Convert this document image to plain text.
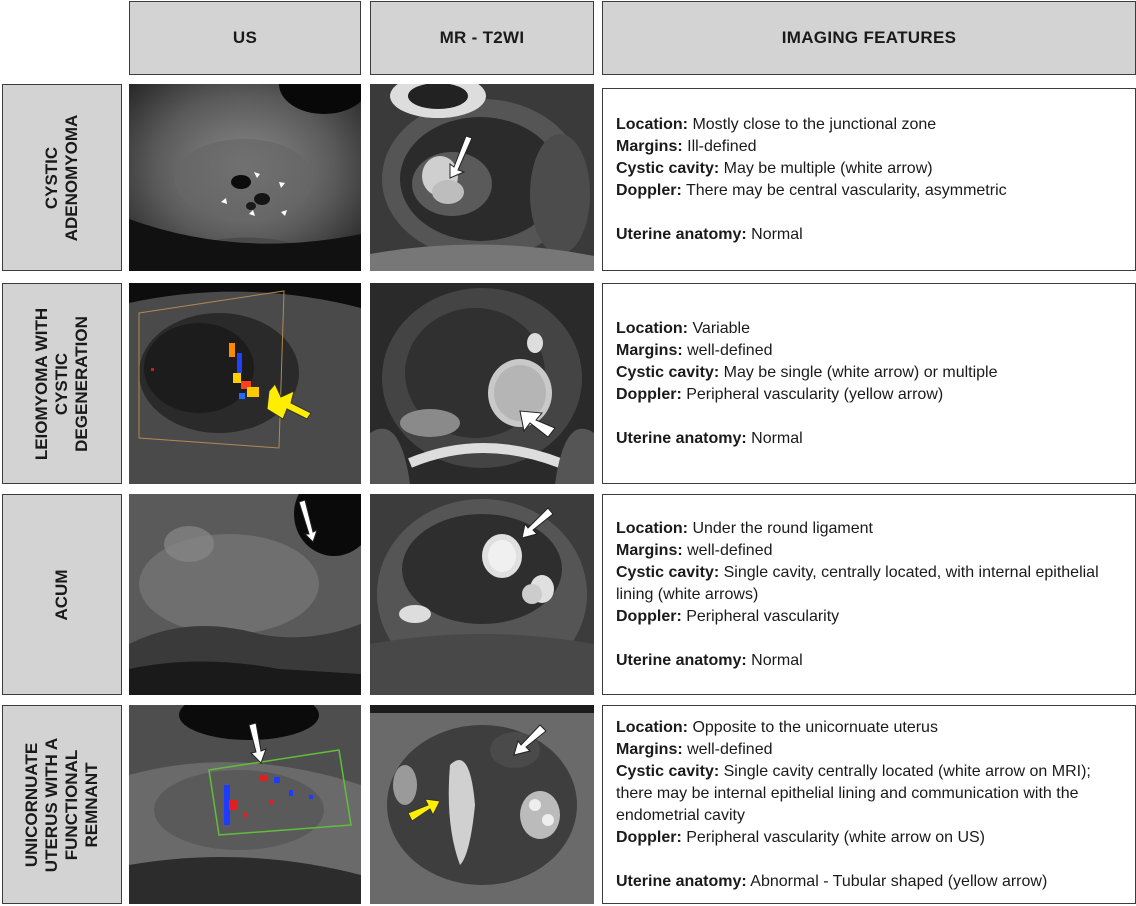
US	MR - T2WI	IMAGING FEATURES
CYSTIC
ADENOMYOMA
LEIOMYOMA WITH
CYSTIC
DEGENERATION
ACUM
UNICORNUATE
UTERUS WITH A
FUNCTIONAL
REMNANT
Location: Mostly close to the junctional zone
Margins: Ill-defined
Cystic cavity: May be multiple (white arrow)
Doppler: There may be central vascularity, asymmetric
Uterine anatomy: Normal
Location: Variable
Margins: well-defined
Cystic cavity: May be single (white arrow) or multiple
Doppler: Peripheral vascularity (yellow arrow)
Uterine anatomy: Normal
Location: Under the round ligament
Margins: well-defined
Cystic cavity: Single cavity, centrally located, with internal epithelial lining (white arrows)
Doppler: Peripheral vascularity
Uterine anatomy: Normal
Location: Opposite to the unicornuate uterus
Margins: well-defined
Cystic cavity: Single cavity centrally located (white arrow on MRI); there may be internal epithelial lining and communication with the endometrial cavity
Doppler: Peripheral vascularity (white arrow on US)
Uterine anatomy: Abnormal - Tubular shaped (yellow arrow)
